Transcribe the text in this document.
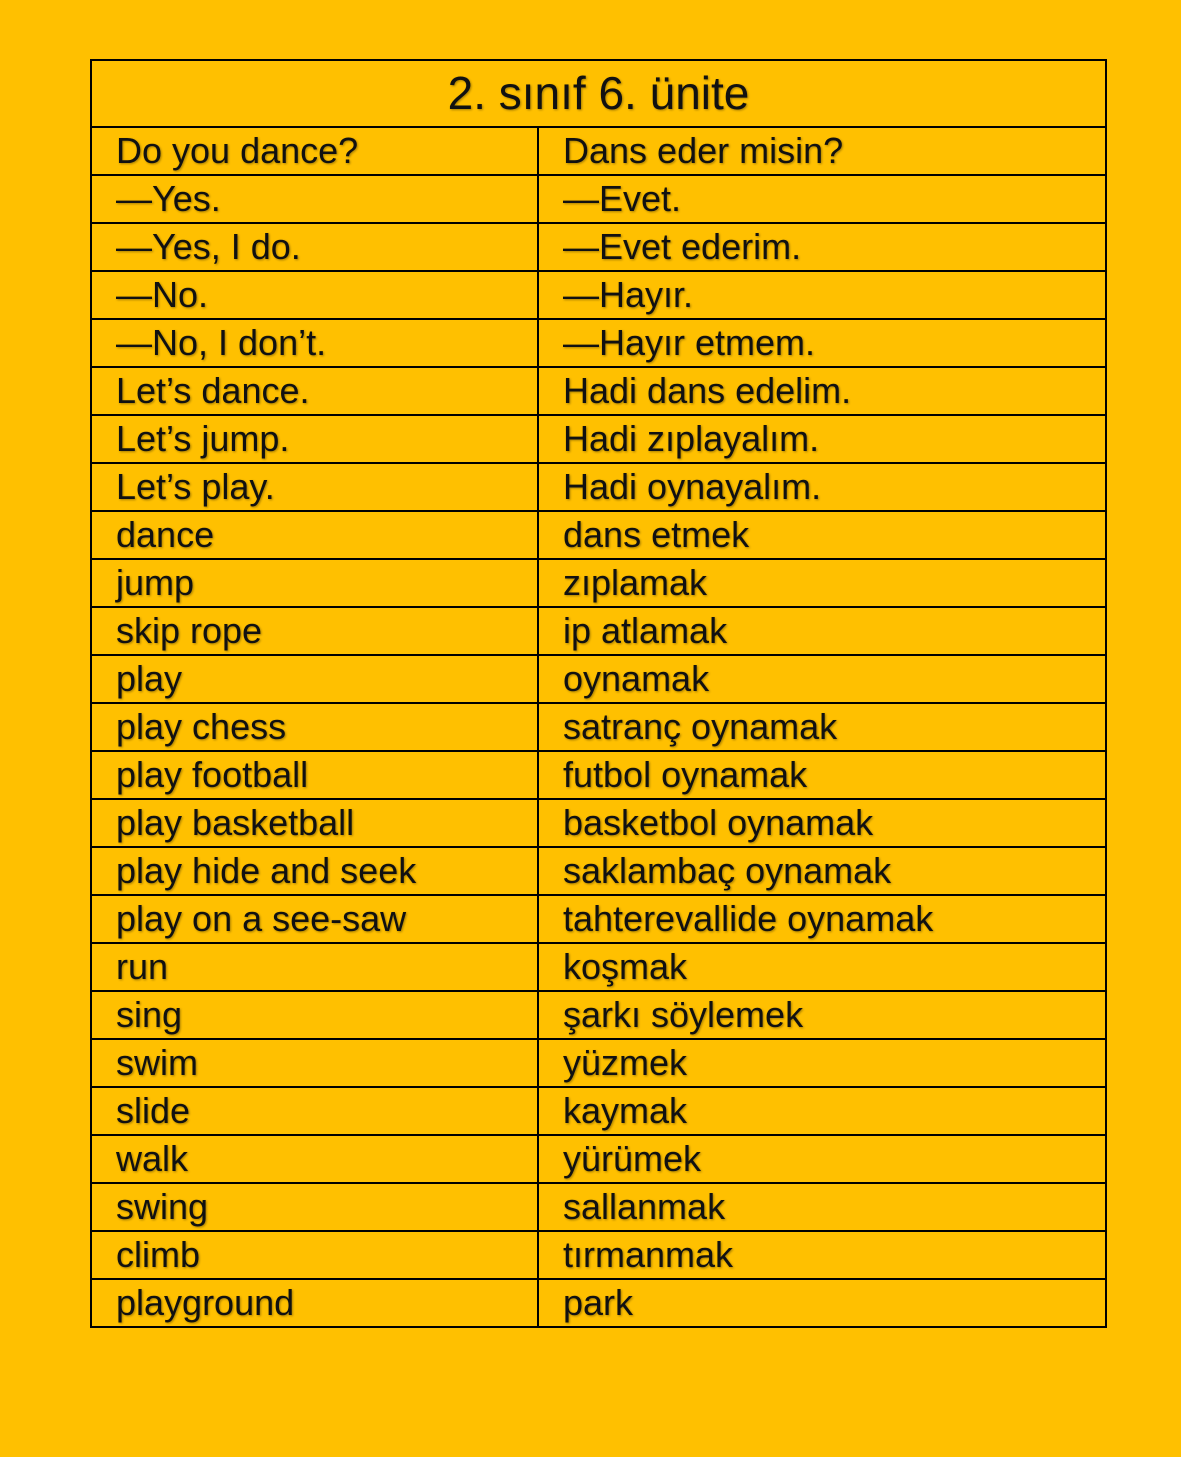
2. sınıf 6. ünite	
Do you dance?	Dans eder misin?
—Yes.	—Evet.
—Yes, I do.	—Evet ederim.
—No.	—Hayır.
—No, I don’t.	—Hayır etmem.
Let’s dance.	Hadi dans edelim.
Let’s jump.	Hadi zıplayalım.
Let’s play.	Hadi oynayalım.
dance	dans etmek
jump	zıplamak
skip rope	ip atlamak
play	oynamak
play chess	satranç oynamak
play football	futbol oynamak
play basketball	basketbol oynamak
play hide and seek	saklambaç oynamak
play on a see-saw	tahterevallide oynamak
run	koşmak
sing	şarkı söylemek
swim	yüzmek
slide	kaymak
walk	yürümek
swing	sallanmak
climb	tırmanmak
playground	park
